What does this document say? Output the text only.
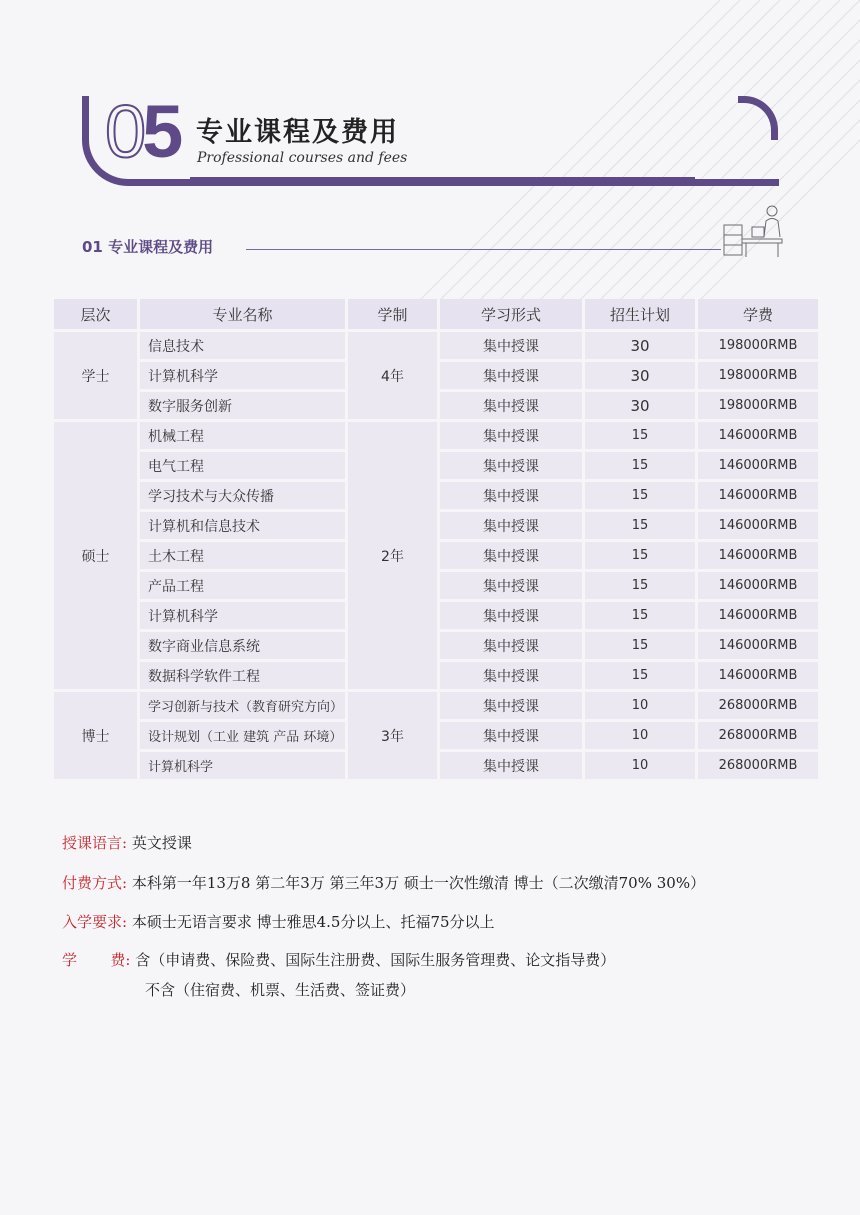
05 专业课程及费用
Professional courses and fees
01 专业课程及费用
层次	专业名称	学制	学习形式	招生计划	学费
学士	信息技术	4年	集中授课	30	198000RMB
	计算机科学		集中授课	30	198000RMB
	数字服务创新		集中授课	30	198000RMB
硕士	机械工程	2年	集中授课	15	146000RMB
	电气工程		集中授课	15	146000RMB
	学习技术与大众传播		集中授课	15	146000RMB
	计算机和信息技术		集中授课	15	146000RMB
	土木工程		集中授课	15	146000RMB
	产品工程		集中授课	15	146000RMB
	计算机科学		集中授课	15	146000RMB
	数字商业信息系统		集中授课	15	146000RMB
	数据科学软件工程		集中授课	15	146000RMB
博士	学习创新与技术（教育研究方向）	3年	集中授课	10	268000RMB
	设计规划（工业 建筑 产品 环境）		集中授课	10	268000RMB
	计算机科学		集中授课	10	268000RMB
授课语言: 英文授课
付费方式: 本科第一年13万8 第二年3万 第三年3万 硕士一次性缴清 博士（二次缴清70% 30%）
入学要求: 本硕士无语言要求 博士雅思4.5分以上、托福75分以上
学       费: 含（申请费、保险费、国际生注册费、国际生服务管理费、论文指导费）
不含（住宿费、机票、生活费、签证费）
